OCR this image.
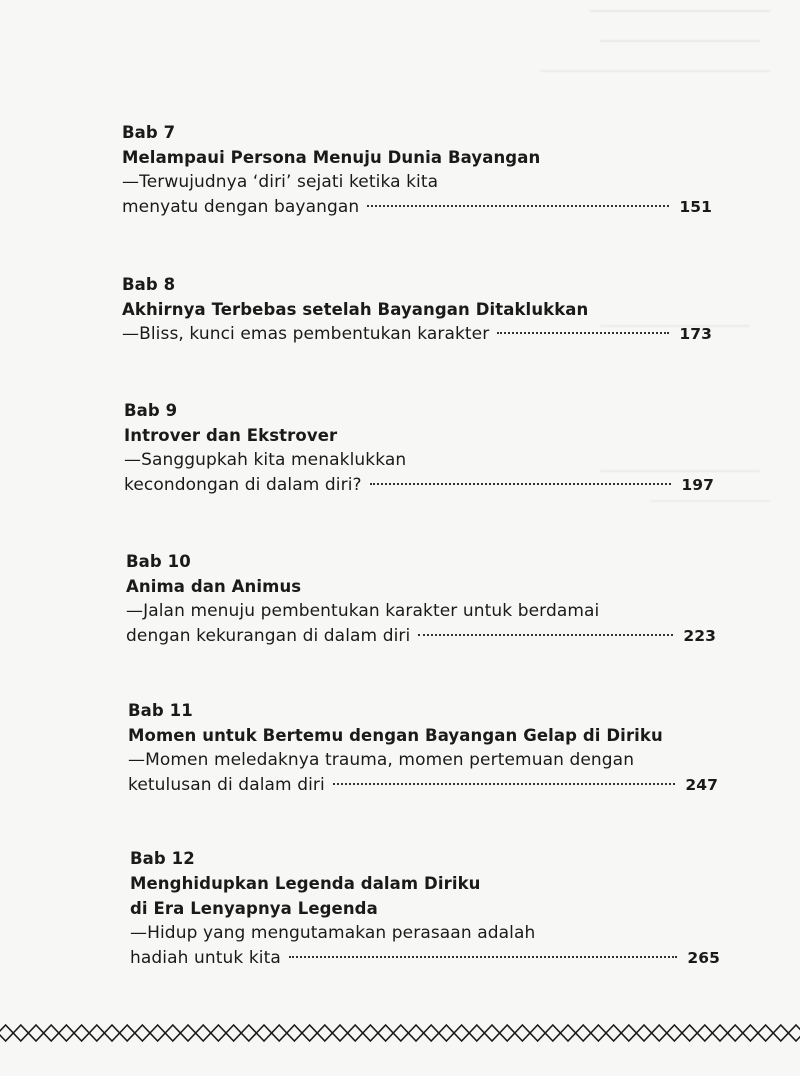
Bab 7
Melampaui Persona Menuju Dunia Bayangan
—Terwujudnya ‘diri’ sejati ketika kita
menyatu dengan bayangan	151
Bab 8
Akhirnya Terbebas setelah Bayangan Ditaklukkan
—Bliss, kunci emas pembentukan karakter	173
Bab 9
Introver dan Ekstrover
—Sanggupkah kita menaklukkan
kecondongan di dalam diri?	197
Bab 10
Anima dan Animus
—Jalan menuju pembentukan karakter untuk berdamai
dengan kekurangan di dalam diri	223
Bab 11
Momen untuk Bertemu dengan Bayangan Gelap di Diriku
—Momen meledaknya trauma, momen pertemuan dengan
ketulusan di dalam diri	247
Bab 12
Menghidupkan Legenda dalam Diriku
di Era Lenyapnya Legenda
—Hidup yang mengutamakan perasaan adalah
hadiah untuk kita	265
